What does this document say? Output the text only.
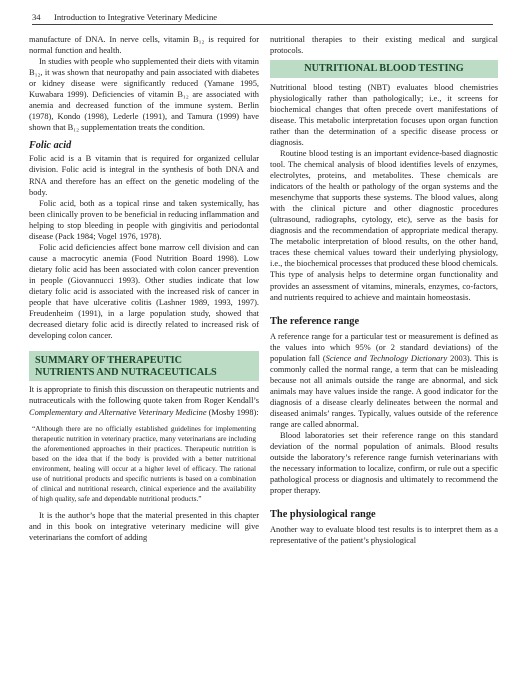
34 Introduction to Integrative Veterinary Medicine

manufacture of DNA. In nerve cells, vitamin B₁₂ is required for normal function and health.

In studies with people who supplemented their diets with vitamin B₁₂, it was shown that neuropathy and pain associated with diabetes or kidney disease were significantly reduced (Yamane 1995, Kuwabara 1999). Deficiencies of vitamin B₁₂ are associated with anemia and decreased function of the immune system. Berlin (1978), Kondo (1998), Lederle (1991), and Tamura (1999) have shown that B₁₂ supplementation treats the condition.

Folic acid

Folic acid is a B vitamin that is required for organized cellular division. Folic acid is integral in the synthesis of both DNA and RNA and therefore has an effect on the genetic modeling of the body.

Folic acid, both as a topical rinse and taken systemically, has been clinically proven to be beneficial in reducing inflammation and helping to stop bleeding in people with gingivitis and periodontal disease (Pack 1984; Vogel 1976, 1978).

Folic acid deficiencies affect bone marrow cell division and can cause a macrocytic anemia (Food Nutrition Board 1998). Low dietary folic acid has been associated with colon cancer prevention in people (Giovannucci 1993). Other studies indicate that low dietary folic acid is associated with the increased risk of cancer in people that have ulcerative colitis (Lashner 1989, 1993, 1997). Freudenheim (1991), in a large population study, showed that decreased dietary folic acid is directly related to increased risk of developing colon cancer.

SUMMARY OF THERAPEUTIC
NUTRIENTS AND NUTRACEUTICALS

It is appropriate to finish this discussion on therapeutic nutrients and nutraceuticals with the following quote taken from Roger Kendall’s Complementary and Alternative Veterinary Medicine (Mosby 1998):

“Although there are no officially established guidelines for implementing therapeutic nutrition in veterinary practice, many veterinarians are including the aforementioned approaches in their practices. Therapeutic nutrition is based on the idea that if the body is provided with a better nutritional environment, healing will occur at a higher level of efficacy. The rational use of nutritional products and specific nutrients is based on a combination of clinical and nutritional research, clinical experience and the availability of high quality, safe and dependable nutritional products.”

It is the author’s hope that the material presented in this chapter and in this book on integrative veterinary medicine will give veterinarians the comfort of adding

nutritional therapies to their existing medical and surgical protocols.

NUTRITIONAL BLOOD TESTING

Nutritional blood testing (NBT) evaluates blood chemistries physiologically rather than pathologically; i.e., it screens for biochemical changes that often precede overt manifestations of disease. This metabolic interpretation focuses upon organ function rather than the determination of a specific disease process or diagnosis.

Routine blood testing is an important evidence-based diagnostic tool. The chemical analysis of blood identifies levels of enzymes, electrolytes, proteins, and metabolites. These chemicals are indicators of the health or pathology of the organ systems and the mesenchyme that supports these systems. The blood values, along with the clinical picture and other diagnostic procedures (ultrasound, radiographs, cytology, etc), serve as the basis for diagnosis and the recommendation of appropriate medical therapy. The metabolic interpretation of blood results, on the other hand, traces these chemical values toward their underlying physiology, i.e., the biochemical processes that produced these blood chemicals. This type of analysis helps to determine organ functionality and provides an assessment of vitamins, minerals, enzymes, co-factors, and nutrients required to achieve and maintain homeostasis.

The reference range

A reference range for a particular test or measurement is defined as the values into which 95% (or 2 standard deviations) of the population fall (Science and Technology Dictionary 2003). This is commonly called the normal range, a term that can be misleading because not all animals outside the range are abnormal, and sick animals may have values inside the range. A good indicator for the diagnosis of a disease clearly delineates between the normal and diseased animals’ ranges. Typically, values outside of the reference range are called abnormal.

Blood laboratories set their reference range on this standard deviation of the normal population of animals. Blood results outside the laboratory’s reference range furnish veterinarians with the necessary information to localize, confirm, or rule out a specific pathological process or diagnosis and ultimately to recommend the proper therapy.

The physiological range

Another way to evaluate blood test results is to interpret them as a representative of the patient’s physiological
